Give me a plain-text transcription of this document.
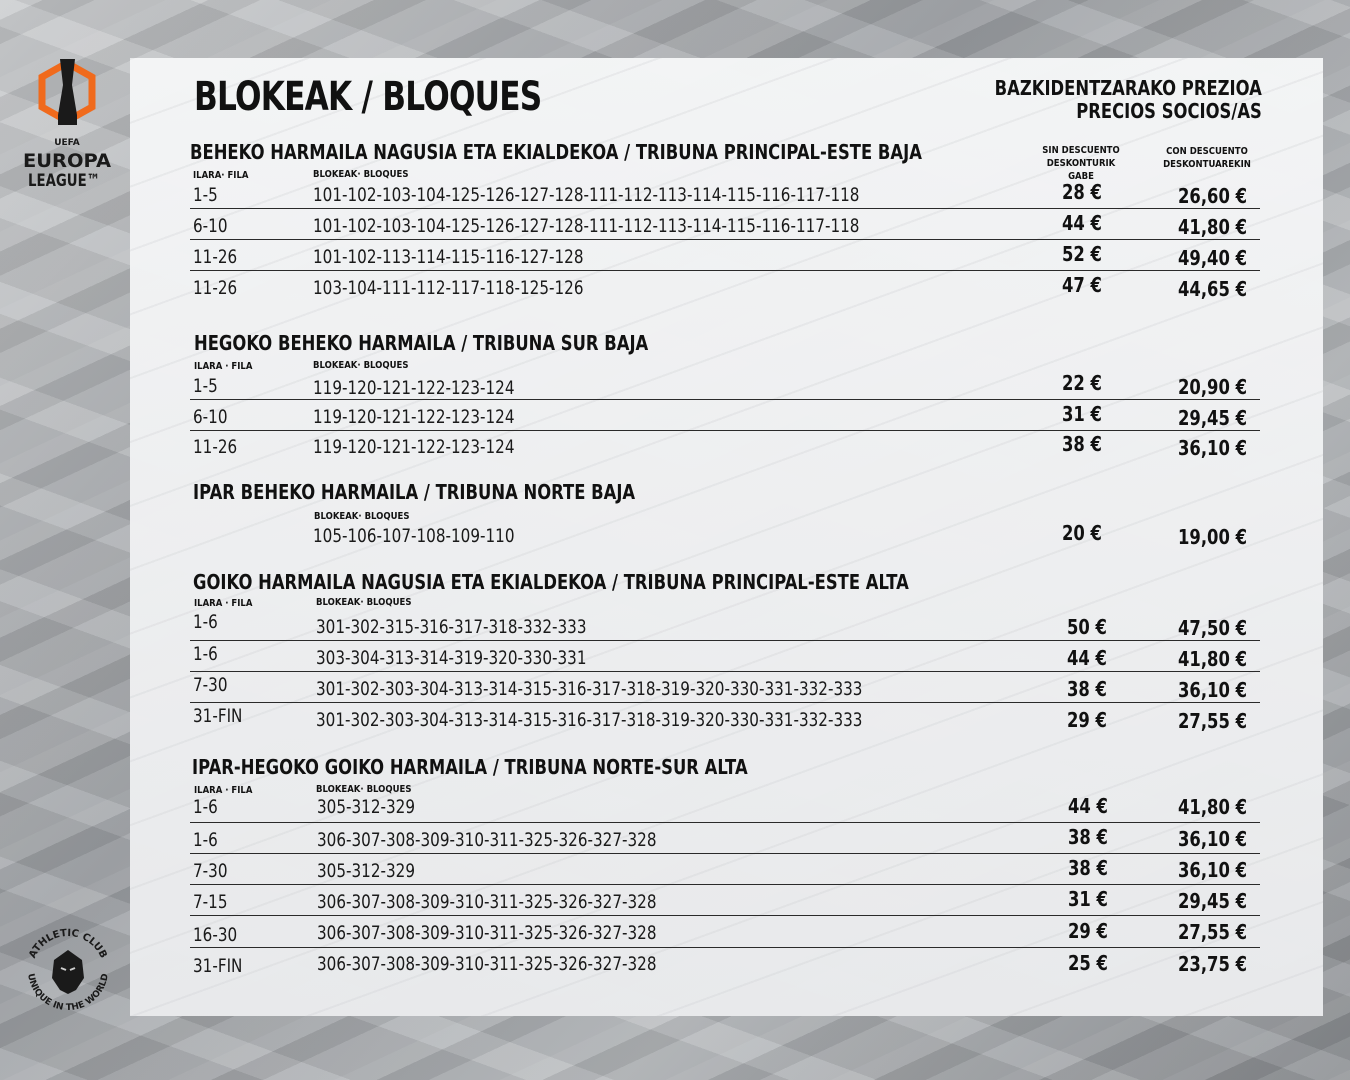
UEFA
EUROPA
LEAGUE™
ATHLETIC CLUB
UNIQUE IN THE WORLD
BLOKEAK / BLOQUES	BAZKIDENTZARAKO PREZIOA
PRECIOS SOCIOS/AS
SIN DESCUENTO
DESKONTURIK GABE
CON DESCUENTO
DESKONTUAREKIN
BEHEKO HARMAILA NAGUSIA ETA EKIALDEKOA / TRIBUNA PRINCIPAL-ESTE BAJA
ILARA· FILA	BLOKEAK· BLOQUES
1-5	101-102-103-104-125-126-127-128-111-112-113-114-115-116-117-118	28 €	26,60 €
6-10	101-102-103-104-125-126-127-128-111-112-113-114-115-116-117-118	44 €	41,80 €
11-26	101-102-113-114-115-116-127-128	52 €	49,40 €
11-26	103-104-111-112-117-118-125-126	47 €	44,65 €
HEGOKO BEHEKO HARMAILA / TRIBUNA SUR BAJA
ILARA · FILA	BLOKEAK· BLOQUES
1-5	119-120-121-122-123-124	22 €	20,90 €
6-10	119-120-121-122-123-124	31 €	29,45 €
11-26	119-120-121-122-123-124	38 €	36,10 €
IPAR BEHEKO HARMAILA / TRIBUNA NORTE BAJA
BLOKEAK· BLOQUES
105-106-107-108-109-110	20 €	19,00 €
GOIKO HARMAILA NAGUSIA ETA EKIALDEKOA / TRIBUNA PRINCIPAL-ESTE ALTA
ILARA · FILA	BLOKEAK· BLOQUES
1-6	301-302-315-316-317-318-332-333	50 €	47,50 €
1-6	303-304-313-314-319-320-330-331	44 €	41,80 €
7-30	301-302-303-304-313-314-315-316-317-318-319-320-330-331-332-333	38 €	36,10 €
31-FIN	301-302-303-304-313-314-315-316-317-318-319-320-330-331-332-333	29 €	27,55 €
IPAR-HEGOKO GOIKO HARMAILA / TRIBUNA NORTE-SUR ALTA
ILARA · FILA	BLOKEAK· BLOQUES
1-6	305-312-329	44 €	41,80 €
1-6	306-307-308-309-310-311-325-326-327-328	38 €	36,10 €
7-30	305-312-329	38 €	36,10 €
7-15	306-307-308-309-310-311-325-326-327-328	31 €	29,45 €
16-30	306-307-308-309-310-311-325-326-327-328	29 €	27,55 €
31-FIN	306-307-308-309-310-311-325-326-327-328	25 €	23,75 €
